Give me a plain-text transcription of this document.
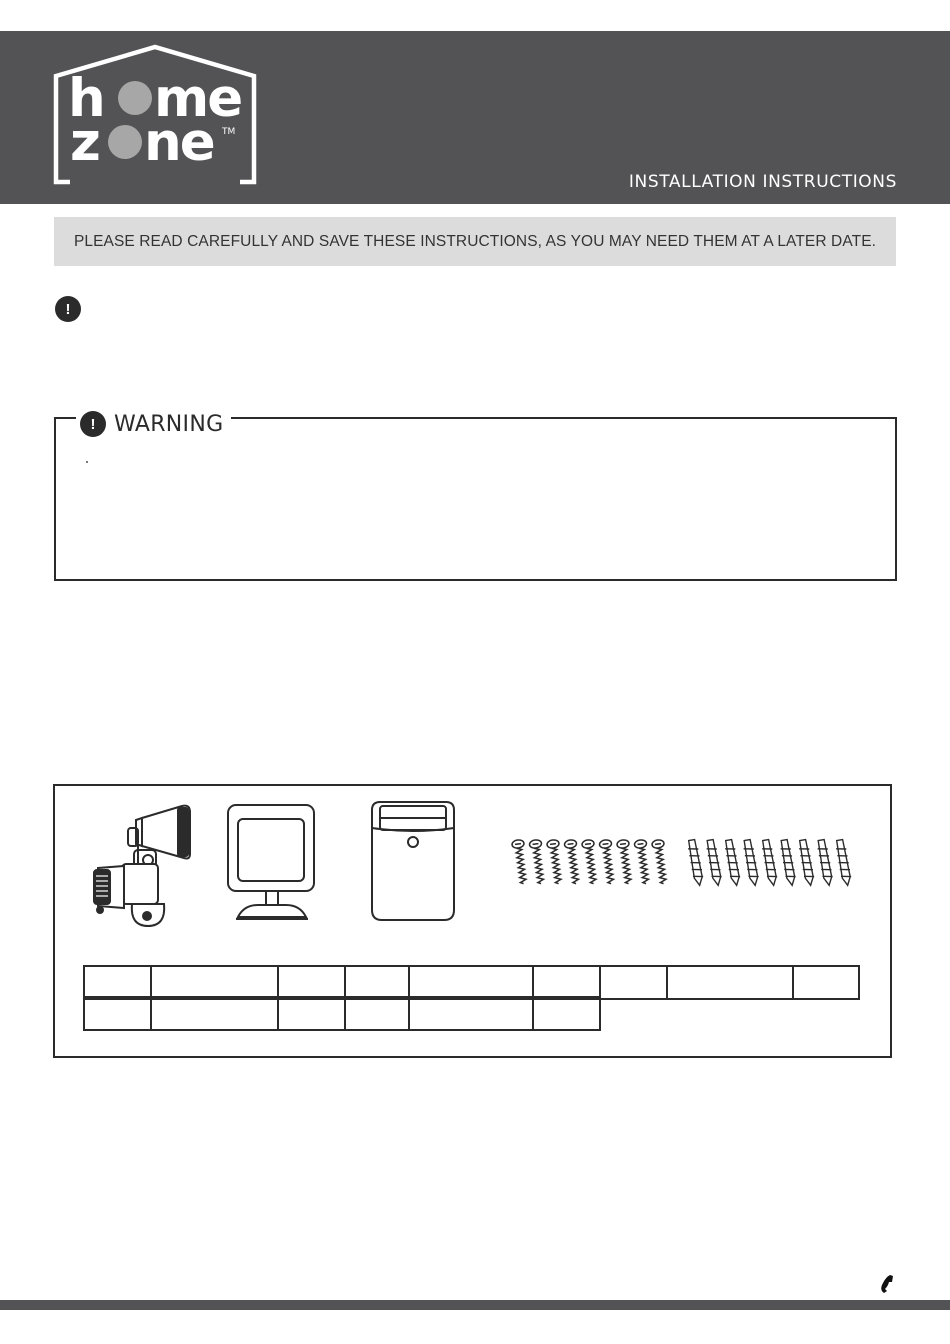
h me
z ne TM
INSTALLATION INSTRUCTIONS
PLEASE READ CAREFULLY AND SAVE THESE INSTRUCTIONS, AS YOU MAY NEED THEM AT A LATER DATE.
!
! WARNING
